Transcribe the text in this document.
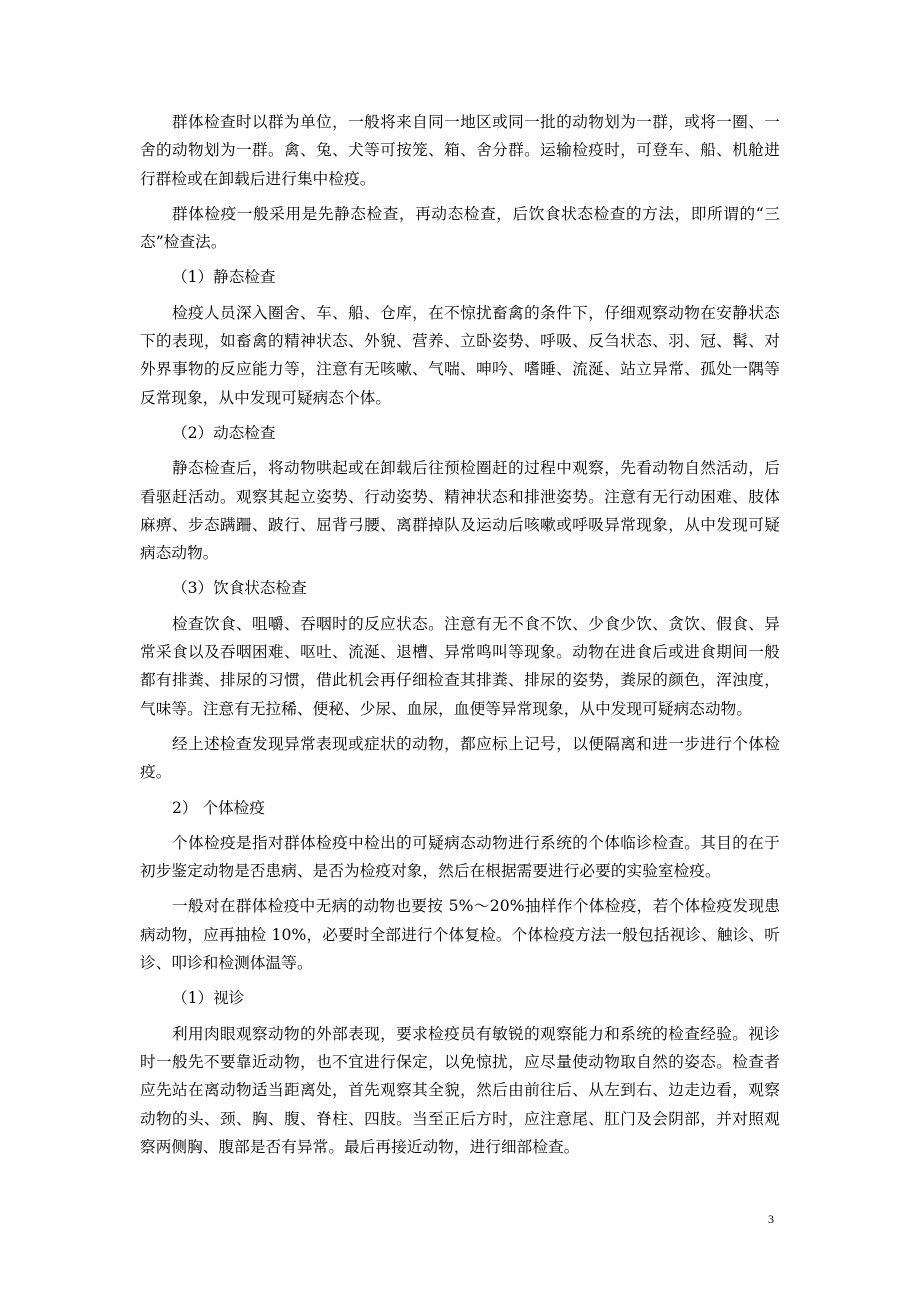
群体检查时以群为单位，一般将来自同一地区或同一批的动物划为一群，或将一圈、一舍的动物划为一群。禽、兔、犬等可按笼、箱、舍分群。运输检疫时，可登车、船、机舱进行群检或在卸载后进行集中检疫。

群体检疫一般采用是先静态检查，再动态检查，后饮食状态检查的方法，即所谓的“三态”检查法。

（1）静态检查

检疫人员深入圈舍、车、船、仓库，在不惊扰畜禽的条件下，仔细观察动物在安静状态下的表现，如畜禽的精神状态、外貌、营养、立卧姿势、呼吸、反刍状态、羽、冠、髯、对外界事物的反应能力等，注意有无咳嗽、气喘、呻吟、嗜睡、流涎、站立异常、孤处一隅等反常现象，从中发现可疑病态个体。

（2）动态检查

静态检查后，将动物哄起或在卸载后往预检圈赶的过程中观察，先看动物自然活动，后看驱赶活动。观察其起立姿势、行动姿势、精神状态和排泄姿势。注意有无行动困难、肢体麻痹、步态蹒跚、跛行、屈背弓腰、离群掉队及运动后咳嗽或呼吸异常现象，从中发现可疑病态动物。

（3）饮食状态检查

检查饮食、咀嚼、吞咽时的反应状态。注意有无不食不饮、少食少饮、贪饮、假食、异常采食以及吞咽困难、呕吐、流涎、退槽、异常鸣叫等现象。动物在进食后或进食期间一般都有排粪、排尿的习惯，借此机会再仔细检查其排粪、排尿的姿势，粪尿的颜色，浑浊度，气味等。注意有无拉稀、便秘、少尿、血尿，血便等异常现象，从中发现可疑病态动物。

经上述检查发现异常表现或症状的动物，都应标上记号，以便隔离和进一步进行个体检疫。

2） 个体检疫

个体检疫是指对群体检疫中检出的可疑病态动物进行系统的个体临诊检查。其目的在于初步鉴定动物是否患病、是否为检疫对象，然后在根据需要进行必要的实验室检疫。

一般对在群体检疫中无病的动物也要按 5%～20%抽样作个体检疫，若个体检疫发现患病动物，应再抽检 10%，必要时全部进行个体复检。个体检疫方法一般包括视诊、触诊、听诊、叩诊和检测体温等。

（1）视诊

利用肉眼观察动物的外部表现，要求检疫员有敏锐的观察能力和系统的检查经验。视诊时一般先不要靠近动物，也不宜进行保定，以免惊扰，应尽量使动物取自然的姿态。检查者应先站在离动物适当距离处，首先观察其全貌，然后由前往后、从左到右、边走边看，观察动物的头、颈、胸、腹、脊柱、四肢。当至正后方时，应注意尾、肛门及会阴部，并对照观察两侧胸、腹部是否有异常。最后再接近动物，进行细部检查。

3
